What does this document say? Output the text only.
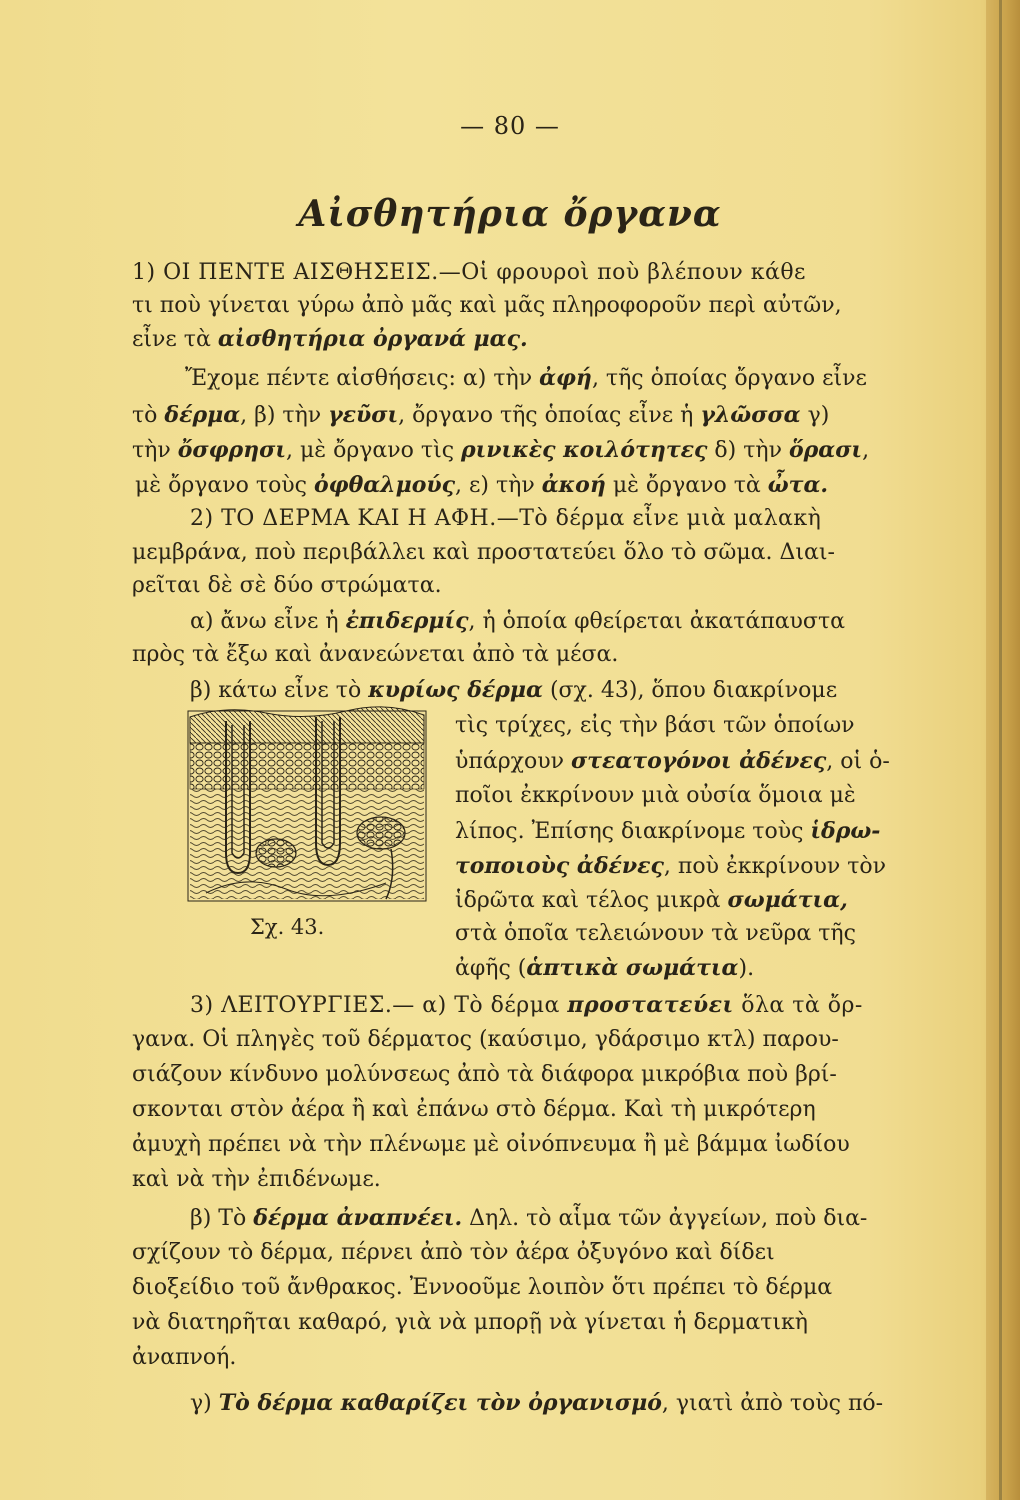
— 80 —
Αἰσθητήρια ὄργανα
1) ΟΙ ΠΕΝΤΕ ΑΙΣΘΗΣΕΙΣ.—Οἱ φρουροὶ ποὺ βλέπουν κάθε
τι ποὺ γίνεται γύρω ἀπὸ μᾶς καὶ μᾶς πληροφοροῦν περὶ αὐτῶν,
εἶνε τὰ αἰσθητήρια ὀργανά μας.
Ἔχομε πέντε αἰσθήσεις: α) τὴν ἀφή, τῆς ὁποίας ὄργανο εἶνε
τὸ δέρμα, β) τὴν γεῦσι, ὄργανο τῆς ὁποίας εἶνε ἡ γλῶσσα γ)
τὴν ὄσφρησι, μὲ ὄργανο τὶς ρινικὲς κοιλότητες δ) τὴν ὅρασι,
μὲ ὄργανο τοὺς ὀφθαλμούς, ε) τὴν ἀκοή μὲ ὄργανο τὰ ὦτα.
2) ΤΟ ΔΕΡΜΑ ΚΑΙ Η ΑΦΗ.—Τὸ δέρμα εἶνε μιὰ μαλακὴ
μεμβράνα, ποὺ περιβάλλει καὶ προστατεύει ὅλο τὸ σῶμα. Διαι-
ρεῖται δὲ σὲ δύο στρώματα.
α) ἄνω εἶνε ἡ ἐπιδερμίς, ἡ ὁποία φθείρεται ἀκατάπαυστα
πρὸς τὰ ἔξω καὶ ἀνανεώνεται ἀπὸ τὰ μέσα.
β) κάτω εἶνε τὸ κυρίως δέρμα (σχ. 43), ὅπου διακρίνομε
Σχ. 43.
τὶς τρίχες, εἰς τὴν βάσι τῶν ὁποίων
ὑπάρχουν στεατογόνοι ἀδένες, οἱ ὁ-
ποῖοι ἐκκρίνουν μιὰ οὐσία ὅμοια μὲ
λίπος. Ἐπίσης διακρίνομε τοὺς ἱδρω-
τοποιοὺς ἀδένες, ποὺ ἐκκρίνουν τὸν
ἱδρῶτα καὶ τέλος μικρὰ σωμάτια,
στὰ ὁποῖα τελειώνουν τὰ νεῦρα τῆς
ἀφῆς (ἁπτικὰ σωμάτια).
3) ΛΕΙΤΟΥΡΓΙΕΣ.— α) Τὸ δέρμα προστατεύει ὅλα τὰ ὄρ-
γανα. Οἱ πληγὲς τοῦ δέρματος (καύσιμο, γδάρσιμο κτλ) παρου-
σιάζουν κίνδυνο μολύνσεως ἀπὸ τὰ διάφορα μικρόβια ποὺ βρί-
σκονται στὸν ἀέρα ἢ καὶ ἐπάνω στὸ δέρμα. Καὶ τὴ μικρότερη
ἀμυχὴ πρέπει νὰ τὴν πλένωμε μὲ οἰνόπνευμα ἢ μὲ βάμμα ἰωδίου
καὶ νὰ τὴν ἐπιδένωμε.
β) Τὸ δέρμα ἀναπνέει. Δηλ. τὸ αἷμα τῶν ἀγγείων, ποὺ δια-
σχίζουν τὸ δέρμα, πέρνει ἀπὸ τὸν ἀέρα ὀξυγόνο καὶ δίδει
διοξείδιο τοῦ ἄνθρακος. Ἐννοοῦμε λοιπὸν ὅτι πρέπει τὸ δέρμα
νὰ διατηρῆται καθαρό, γιὰ νὰ μπορῇ νὰ γίνεται ἡ δερματικὴ
ἀναπνοή.
γ) Τὸ δέρμα καθαρίζει τὸν ὀργανισμό, γιατὶ ἀπὸ τοὺς πό-
